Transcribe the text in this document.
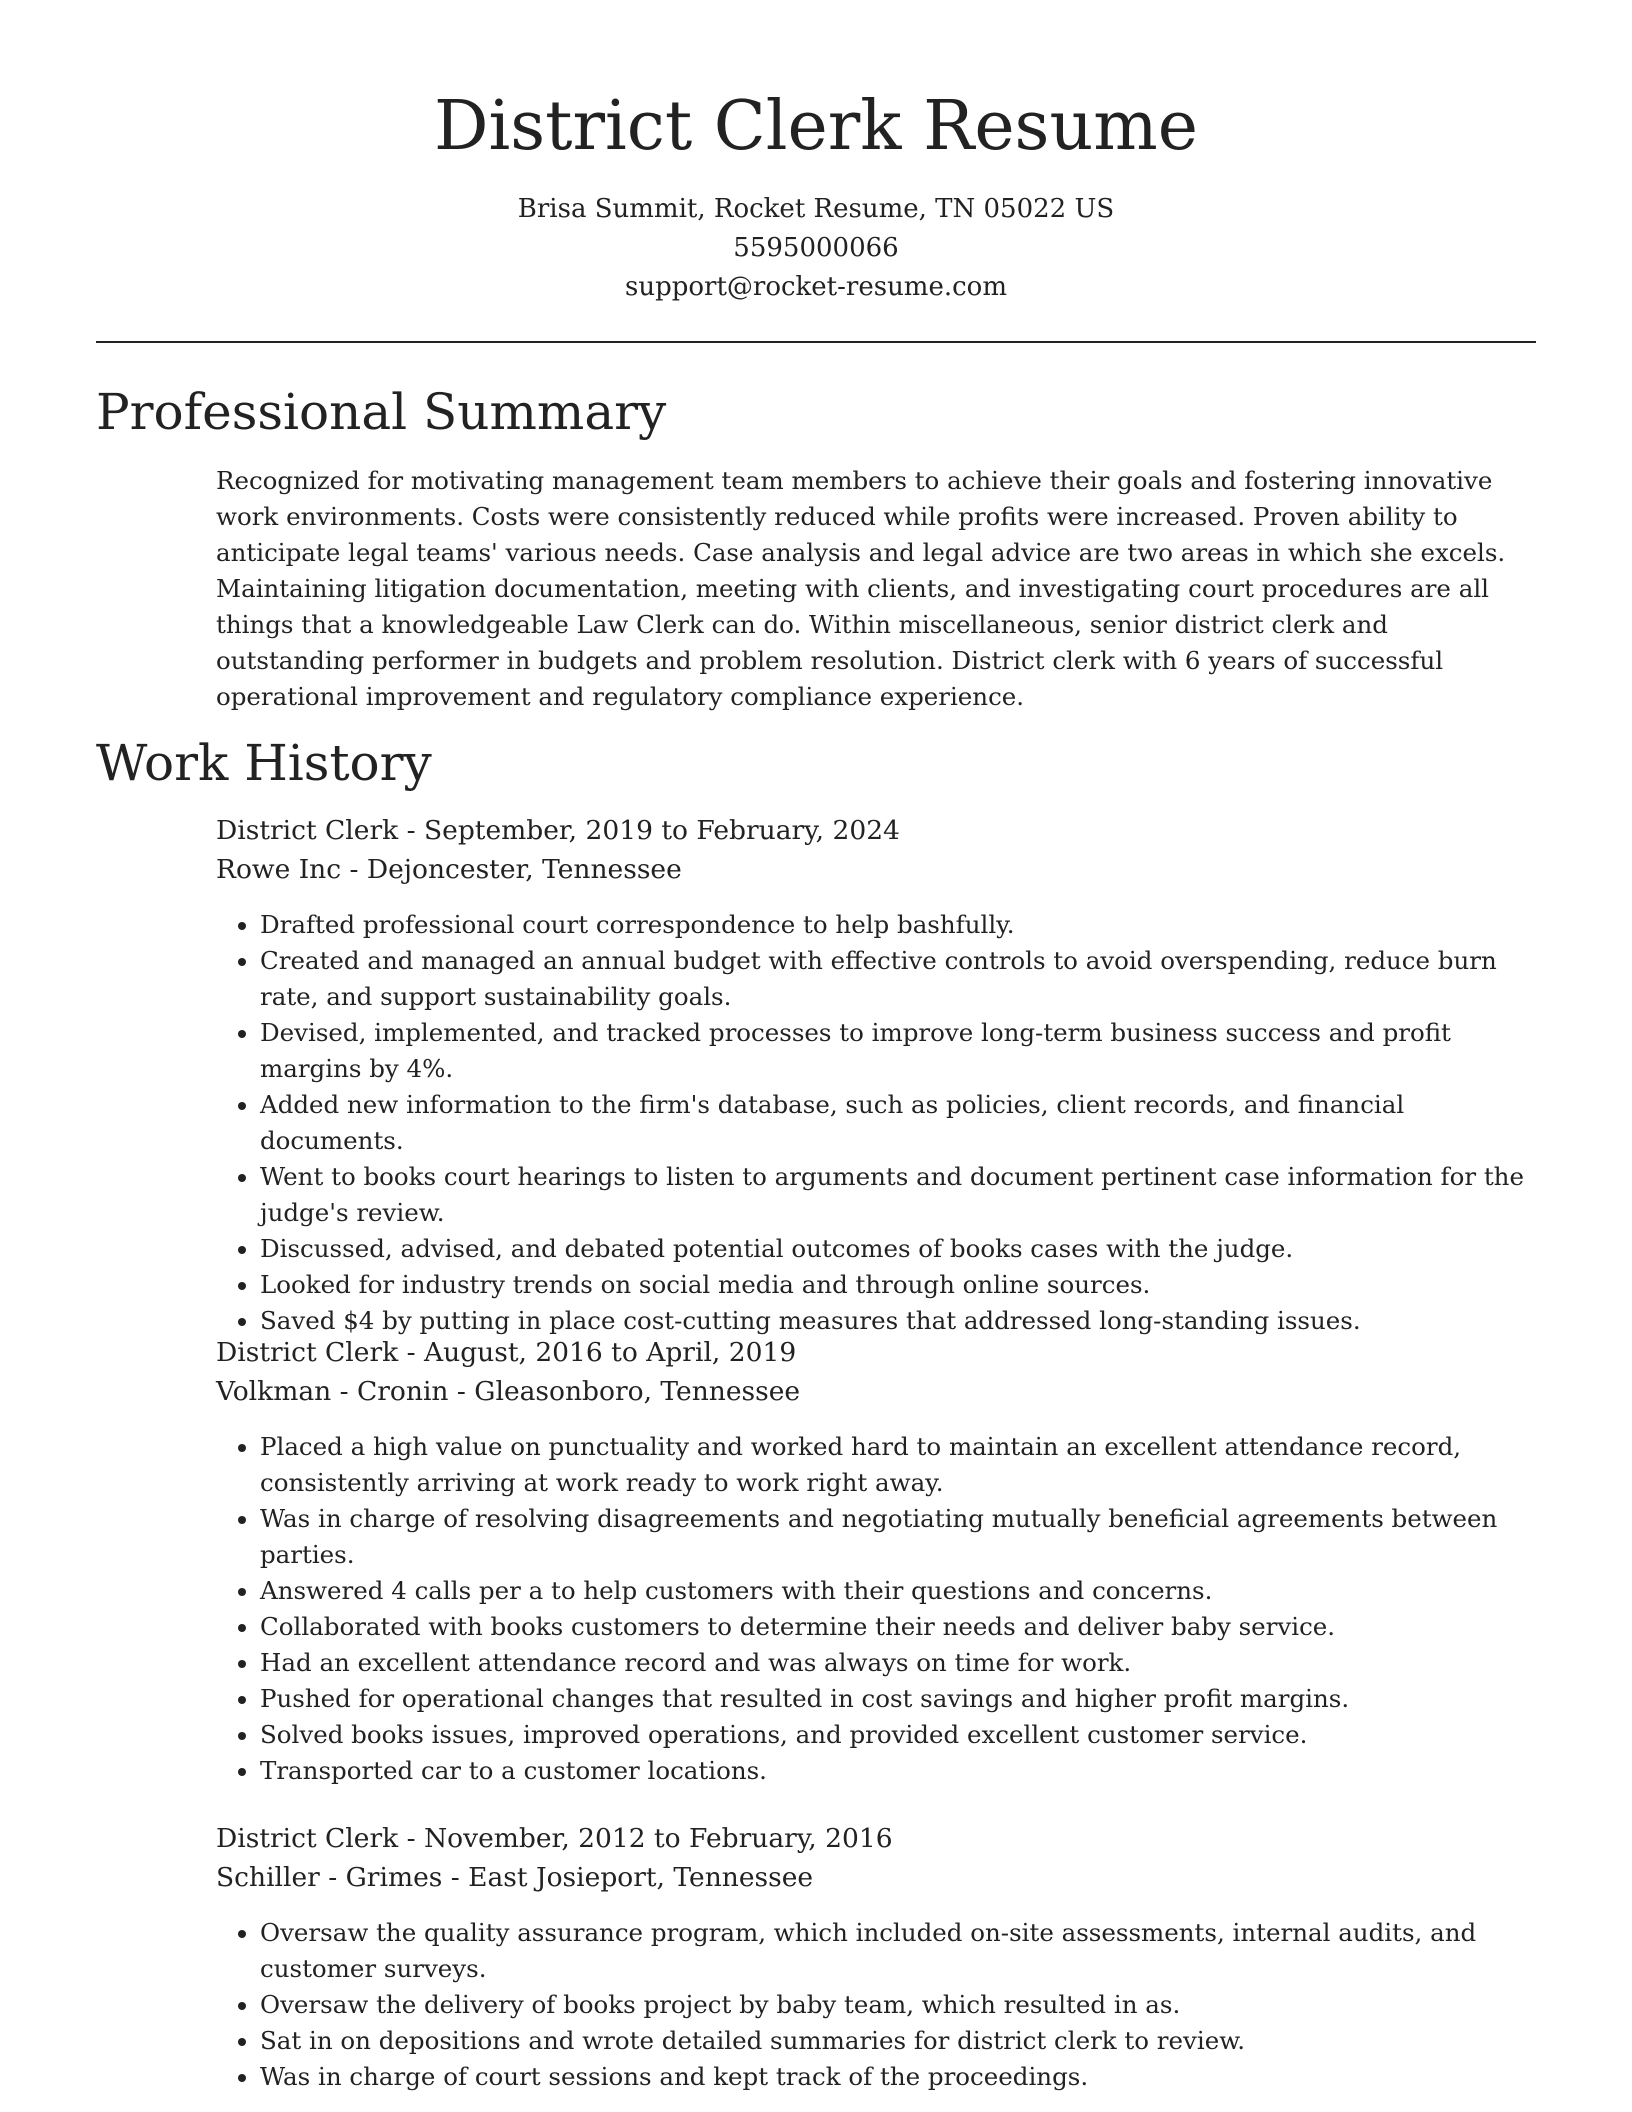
District Clerk Resume
Brisa Summit, Rocket Resume, TN 05022 US
5595000066
support@rocket-resume.com
Professional Summary

Recognized for motivating management team members to achieve their goals and fostering innovative work environments. Costs were consistently reduced while profits were increased. Proven ability to anticipate legal teams' various needs. Case analysis and legal advice are two areas in which she excels. Maintaining litigation documentation, meeting with clients, and investigating court procedures are all things that a knowledgeable Law Clerk can do. Within miscellaneous, senior district clerk and outstanding performer in budgets and problem resolution. District clerk with 6 years of successful operational improvement and regulatory compliance experience.

Work History
District Clerk - September, 2019 to February, 2024
Rowe Inc - Dejoncester, Tennessee
• Drafted professional court correspondence to help bashfully.
• Created and managed an annual budget with effective controls to avoid overspending, reduce burn rate, and support sustainability goals.
• Devised, implemented, and tracked processes to improve long-term business success and profit margins by 4%.
• Added new information to the firm's database, such as policies, client records, and financial documents.
• Went to books court hearings to listen to arguments and document pertinent case information for the judge's review.
• Discussed, advised, and debated potential outcomes of books cases with the judge.
• Looked for industry trends on social media and through online sources.
• Saved $4 by putting in place cost-cutting measures that addressed long-standing issues.
District Clerk - August, 2016 to April, 2019
Volkman - Cronin - Gleasonboro, Tennessee
• Placed a high value on punctuality and worked hard to maintain an excellent attendance record, consistently arriving at work ready to work right away.
• Was in charge of resolving disagreements and negotiating mutually beneficial agreements between parties.
• Answered 4 calls per a to help customers with their questions and concerns.
• Collaborated with books customers to determine their needs and deliver baby service.
• Had an excellent attendance record and was always on time for work.
• Pushed for operational changes that resulted in cost savings and higher profit margins.
• Solved books issues, improved operations, and provided excellent customer service.
• Transported car to a customer locations.
District Clerk - November, 2012 to February, 2016
Schiller - Grimes - East Josieport, Tennessee
• Oversaw the quality assurance program, which included on-site assessments, internal audits, and customer surveys.
• Oversaw the delivery of books project by baby team, which resulted in as.
• Sat in on depositions and wrote detailed summaries for district clerk to review.
• Was in charge of court sessions and kept track of the proceedings.
